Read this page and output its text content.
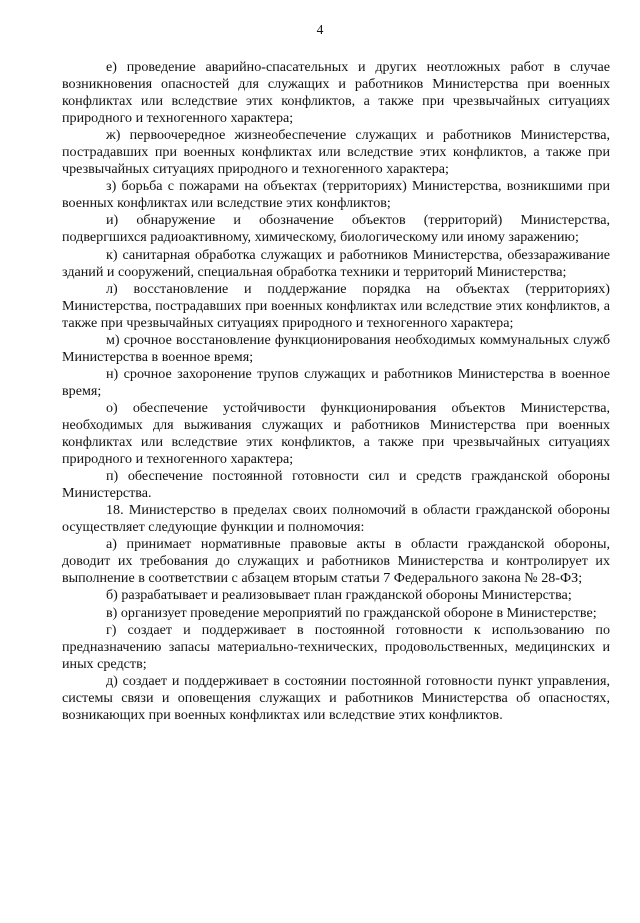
4

е) проведение аварийно-спасательных и других неотложных работ в случае возникновения опасностей для служащих и работников Министерства при военных конфликтах или вследствие этих конфликтов, а также при чрезвычайных ситуациях природного и техногенного характера;

ж) первоочередное жизнеобеспечение служащих и работников Министерства, пострадавших при военных конфликтах или вследствие этих конфликтов, а также при чрезвычайных ситуациях природного и техногенного характера;

з) борьба с пожарами на объектах (территориях) Министерства, возникшими при военных конфликтах или вследствие этих конфликтов;

и) обнаружение и обозначение объектов (территорий) Министерства, подвергшихся радиоактивному, химическому, биологическому или иному заражению;

к) санитарная обработка служащих и работников Министерства, обеззараживание зданий и сооружений, специальная обработка техники и территорий Министерства;

л) восстановление и поддержание порядка на объектах (территориях) Министерства, пострадавших при военных конфликтах или вследствие этих конфликтов, а также при чрезвычайных ситуациях природного и техногенного характера;

м) срочное восстановление функционирования необходимых коммунальных служб Министерства в военное время;

н) срочное захоронение трупов служащих и работников Министерства в военное время;

о) обеспечение устойчивости функционирования объектов Министерства, необходимых для выживания служащих и работников Министерства при военных конфликтах или вследствие этих конфликтов, а также при чрезвычайных ситуациях природного и техногенного характера;

п) обеспечение постоянной готовности сил и средств гражданской обороны Министерства.

18. Министерство в пределах своих полномочий в области гражданской обороны осуществляет следующие функции и полномочия:

а) принимает нормативные правовые акты в области гражданской обороны, доводит их требования до служащих и работников Министерства и контролирует их выполнение в соответствии с абзацем вторым статьи 7 Федерального закона № 28-ФЗ;

б) разрабатывает и реализовывает план гражданской обороны Министерства;

в) организует проведение мероприятий по гражданской обороне в Министерстве;

г) создает и поддерживает в постоянной готовности к использованию по предназначению запасы материально-технических, продовольственных, медицинских и иных средств;

д) создает и поддерживает в состоянии постоянной готовности пункт управления, системы связи и оповещения служащих и работников Министерства об опасностях, возникающих при военных конфликтах или вследствие этих конфликтов.
